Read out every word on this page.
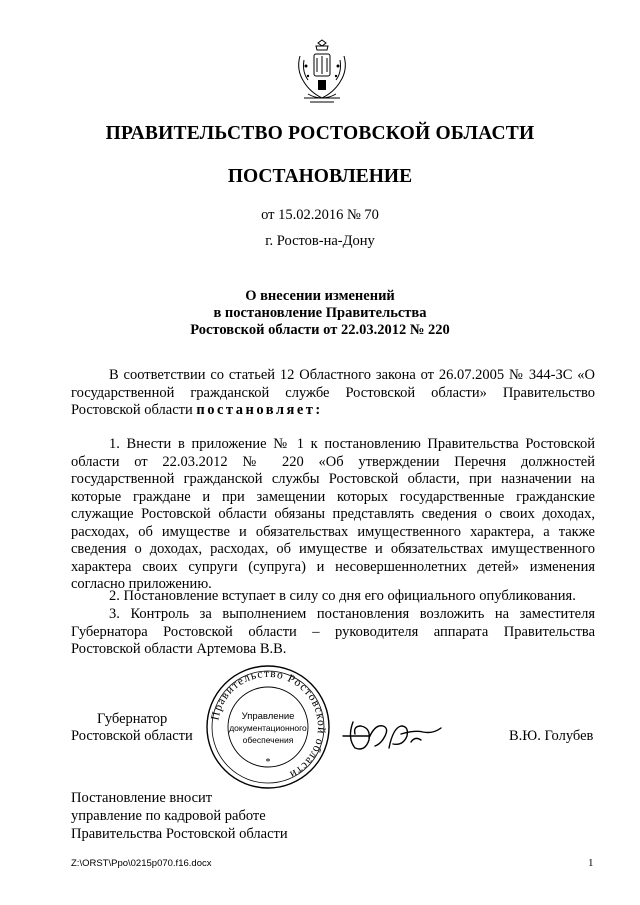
ПРАВИТЕЛЬСТВО РОСТОВСКОЙ ОБЛАСТИ
ПОСТАНОВЛЕНИЕ
от 15.02.2016 № 70
г. Ростов-на-Дону
О внесении изменений
в постановление Правительства
Ростовской области от 22.03.2012 № 220
В соответствии со статьей 12 Областного закона от 26.07.2005 № 344-ЗС «О государственной гражданской службе Ростовской области» Правительство Ростовской области постановляет:
1. Внести в приложение № 1 к постановлению Правительства Ростовской области от 22.03.2012 № 220 «Об утверждении Перечня должностей государственной гражданской службы Ростовской области, при назначении на которые граждане и при замещении которых государственные гражданские служащие Ростовской области обязаны представлять сведения о своих доходах, расходах, об имуществе и обязательствах имущественного характера, а также сведения о доходах, расходах, об имуществе и обязательствах имущественного характера своих супруги (супруга) и несовершеннолетних детей» изменения согласно приложению.
2. Постановление вступает в силу со дня его официального опубликования.
3. Контроль за выполнением постановления возложить на заместителя Губернатора Ростовской области – руководителя аппарата Правительства Ростовской области Артемова В.В.
Губернатор
Ростовской области
Правительство Ростовской области
*
Управление
документационного
обеспечения	В.Ю. Голубев
Постановление вносит
управление по кадровой работе
Правительства Ростовской области
Z:\ORST\Ppo\0215p070.f16.docx	1
